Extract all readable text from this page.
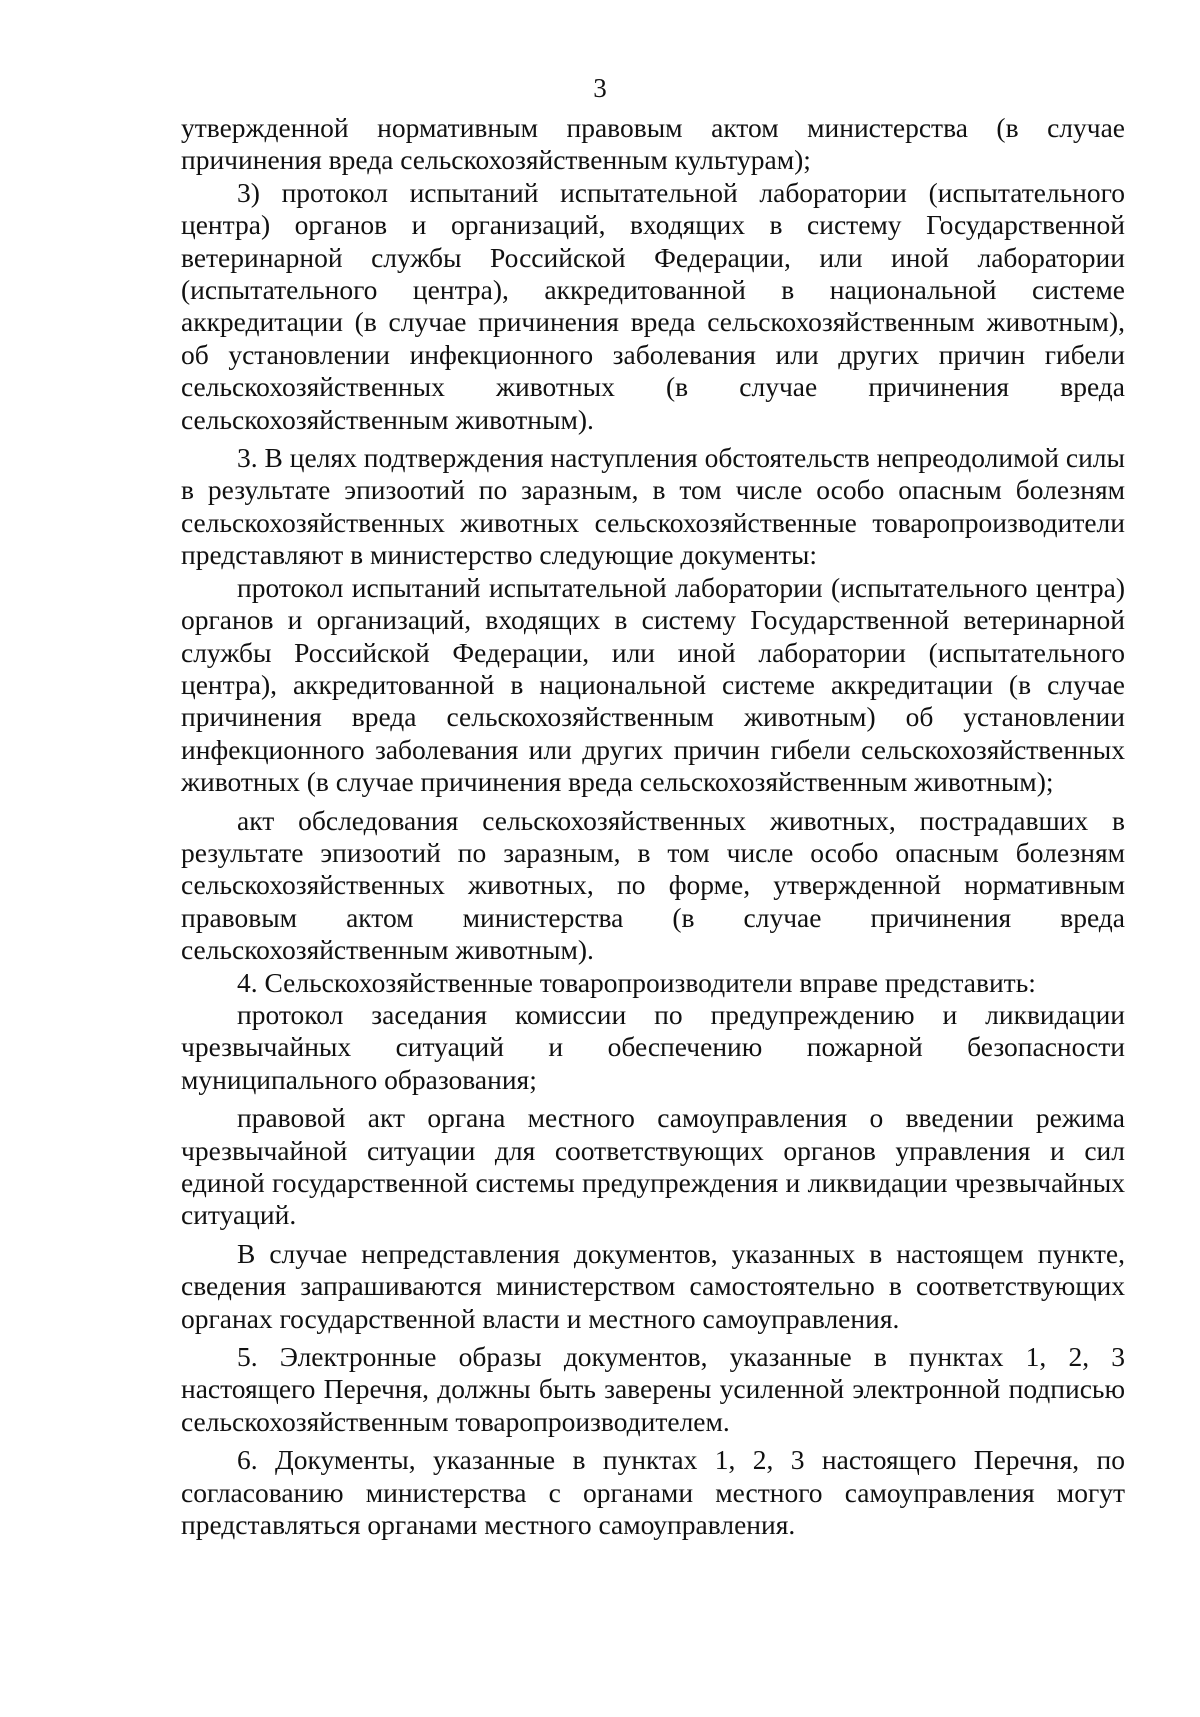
3

утвержденной нормативным правовым актом министерства (в случае причинения вреда сельскохозяйственным культурам);

3) протокол испытаний испытательной лаборатории (испытательного центра) органов и организаций, входящих в систему Государственной ветеринарной службы Российской Федерации, или иной лаборатории (испытательного центра), аккредитованной в национальной системе аккредитации (в случае причинения вреда сельскохозяйственным животным), об установлении инфекционного заболевания или других причин гибели сельскохозяйственных животных (в случае причинения вреда сельскохозяйственным животным).

3. В целях подтверждения наступления обстоятельств непреодолимой силы в результате эпизоотий по заразным, в том числе особо опасным болезням сельскохозяйственных животных сельскохозяйственные товаропроизводители представляют в министерство следующие документы:

протокол испытаний испытательной лаборатории (испытательного центра) органов и организаций, входящих в систему Государственной ветеринарной службы Российской Федерации, или иной лаборатории (испытательного центра), аккредитованной в национальной системе аккредитации (в случае причинения вреда сельскохозяйственным животным) об установлении инфекционного заболевания или других причин гибели сельскохозяйственных животных (в случае причинения вреда сельскохозяйственным животным);

акт обследования сельскохозяйственных животных, пострадавших в результате эпизоотий по заразным, в том числе особо опасным болезням сельскохозяйственных животных, по форме, утвержденной нормативным правовым актом министерства (в случае причинения вреда сельскохозяйственным животным).

4. Сельскохозяйственные товаропроизводители вправе представить:

протокол заседания комиссии по предупреждению и ликвидации чрезвычайных ситуаций и обеспечению пожарной безопасности муниципального образования;

правовой акт органа местного самоуправления о введении режима чрезвычайной ситуации для соответствующих органов управления и сил единой государственной системы предупреждения и ликвидации чрезвычайных ситуаций.

В случае непредставления документов, указанных в настоящем пункте, сведения запрашиваются министерством самостоятельно в соответствующих органах государственной власти и местного самоуправления.

5. Электронные образы документов, указанные в пунктах 1, 2, 3 настоящего Перечня, должны быть заверены усиленной электронной подписью сельскохозяйственным товаропроизводителем.

6. Документы, указанные в пунктах 1, 2, 3 настоящего Перечня, по согласованию министерства с органами местного самоуправления могут представляться органами местного самоуправления.
